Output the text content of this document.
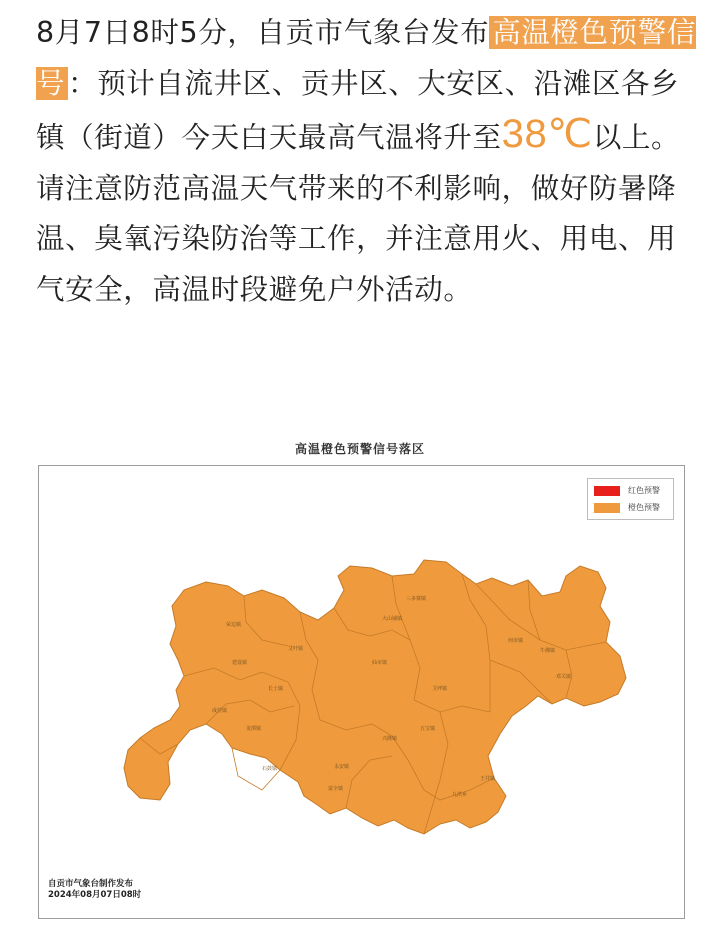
8月7日8时5分，自贡市气象台发布 高温橙色预警信号 ：预计自流井区、贡井区、大安区、沿滩区各乡镇（街道）今天白天最高气温将升至38℃以上。请注意防范高温天气带来的不利影响，做好防暑降温、臭氧污染防治等工作，并注意用火、用电、用气安全，高温时段避免户外活动。
高温橙色预警信号落区
荣边镇
建设镇
艾叶镇
成佳镇
长土镇
龙潭镇
永安镇
三多寨镇
大山铺镇
何市镇
牛佛镇
邓关镇
仙市镇
卫坪镇
兴隆镇
五宝镇
石鼓镇
富全镇
九洪乡
王井镇
红色预警
橙色预警
自贡市气象台制作发布
2024年08月07日08时
